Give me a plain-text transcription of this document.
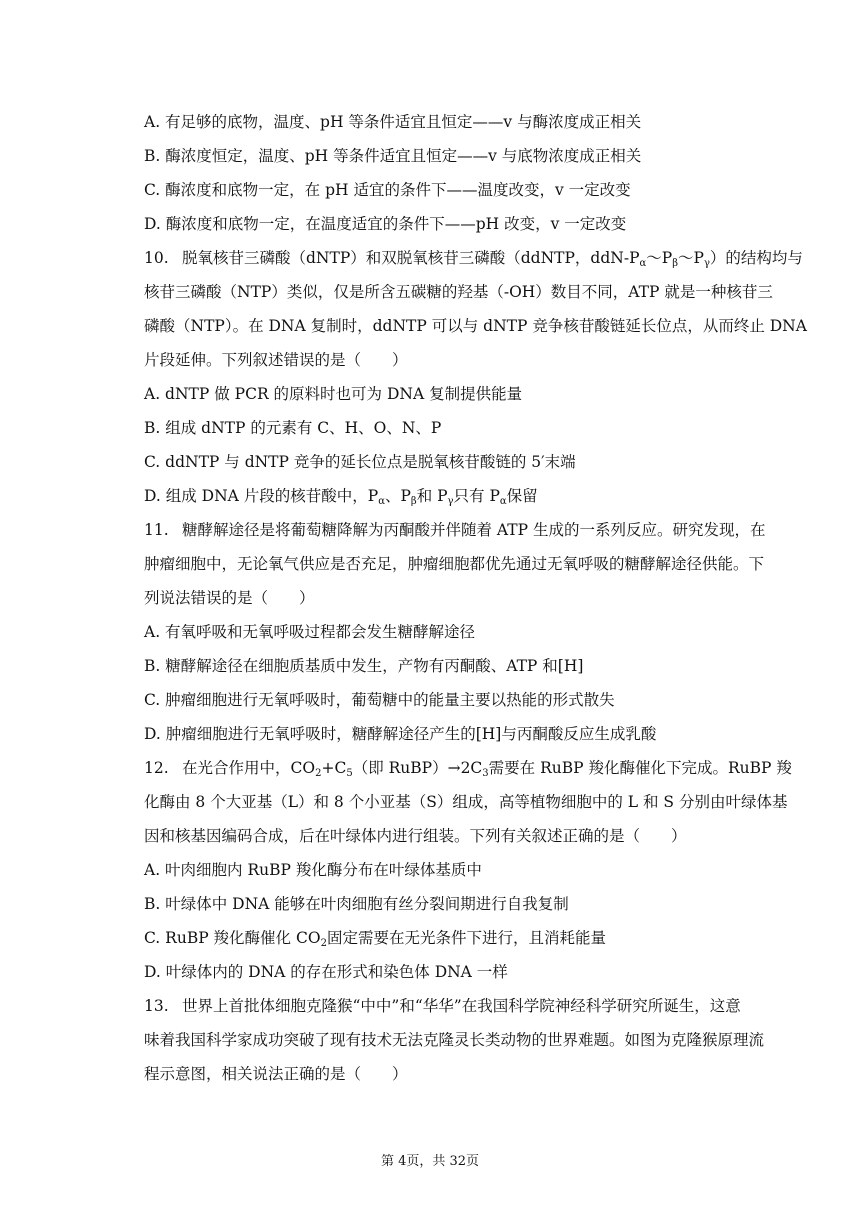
A. 有足够的底物，温度、pH 等条件适宜且恒定——v 与酶浓度成正相关
B. 酶浓度恒定，温度、pH 等条件适宜且恒定——v 与底物浓度成正相关
C. 酶浓度和底物一定，在 pH 适宜的条件下——温度改变，v 一定改变
D. 酶浓度和底物一定，在温度适宜的条件下——pH 改变，v 一定改变
10. 脱氧核苷三磷酸（dNTP）和双脱氧核苷三磷酸（ddNTP，ddN-$P_\alpha\sim P_\beta\sim P_\gamma$）的结构均与
核苷三磷酸（NTP）类似，仅是所含五碳糖的羟基（-OH）数目不同，ATP 就是一种核苷三
磷酸（NTP）。在 DNA 复制时，ddNTP 可以与 dNTP 竞争核苷酸链延长位点，从而终止 DNA
片段延伸。下列叙述错误的是（　　）
A. dNTP 做 PCR 的原料时也可为 DNA 复制提供能量
B. 组成 dNTP 的元素有 C、H、O、N、P
C. ddNTP 与 dNTP 竞争的延长位点是脱氧核苷酸链的 5′末端
D. 组成 DNA 片段的核苷酸中，$P_\alpha$、$P_\beta$和 $P_\gamma$只有 $P_\alpha$保留
11. 糖酵解途径是将葡萄糖降解为丙酮酸并伴随着 ATP 生成的一系列反应。研究发现，在
肿瘤细胞中，无论氧气供应是否充足，肿瘤细胞都优先通过无氧呼吸的糖酵解途径供能。下
列说法错误的是（　　）
A. 有氧呼吸和无氧呼吸过程都会发生糖酵解途径
B. 糖酵解途径在细胞质基质中发生，产物有丙酮酸、ATP 和[H]
C. 肿瘤细胞进行无氧呼吸时，葡萄糖中的能量主要以热能的形式散失
D. 肿瘤细胞进行无氧呼吸时，糖酵解途径产生的[H]与丙酮酸反应生成乳酸
12. 在光合作用中，$CO_2+C_5$（即 $RuBP)\to 2C_3$需要在 RuBP 羧化酶催化下完成。RuBP 羧
化酶由 8 个大亚基（L）和 8 个小亚基（S）组成，高等植物细胞中的 L 和 S 分别由叶绿体基
因和核基因编码合成，后在叶绿体内进行组装。下列有关叙述正确的是（　　）
A. 叶肉细胞内 RuBP 羧化酶分布在叶绿体基质中
B. 叶绿体中 DNA 能够在叶肉细胞有丝分裂间期进行自我复制
C. RuBP 羧化酶催化 $CO_2$固定需要在无光条件下进行，且消耗能量
D. 叶绿体内的 DNA 的存在形式和染色体 DNA 一样
13. 世界上首批体细胞克隆猴“中中”和“华华”在我国科学院神经科学研究所诞生，这意
味着我国科学家成功突破了现有技术无法克隆灵长类动物的世界难题。如图为克隆猴原理流
程示意图，相关说法正确的是（　　）
第 4页，共 32页
